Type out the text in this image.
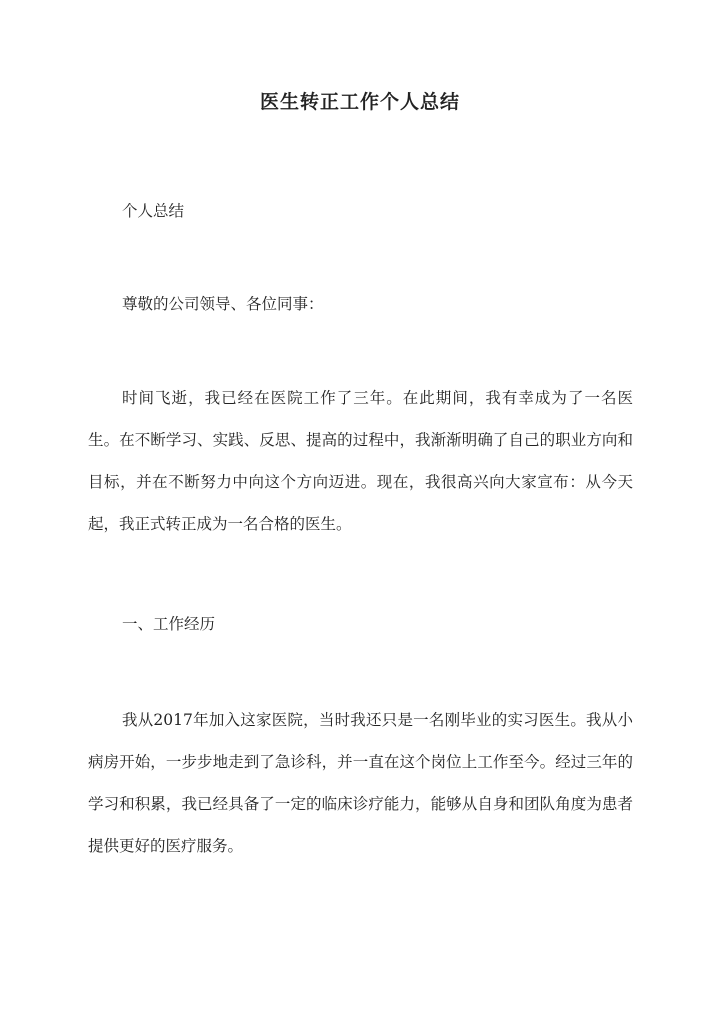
医生转正工作个人总结

个人总结

尊敬的公司领导、各位同事：

时间飞逝，我已经在医院工作了三年。在此期间，我有幸成为了一名医生。在不断学习、实践、反思、提高的过程中，我渐渐明确了自己的职业方向和目标，并在不断努力中向这个方向迈进。现在，我很高兴向大家宣布：从今天起，我正式转正成为一名合格的医生。

一、工作经历

我从2017年加入这家医院，当时我还只是一名刚毕业的实习医生。我从小病房开始，一步步地走到了急诊科，并一直在这个岗位上工作至今。经过三年的学习和积累，我已经具备了一定的临床诊疗能力，能够从自身和团队角度为患者提供更好的医疗服务。
